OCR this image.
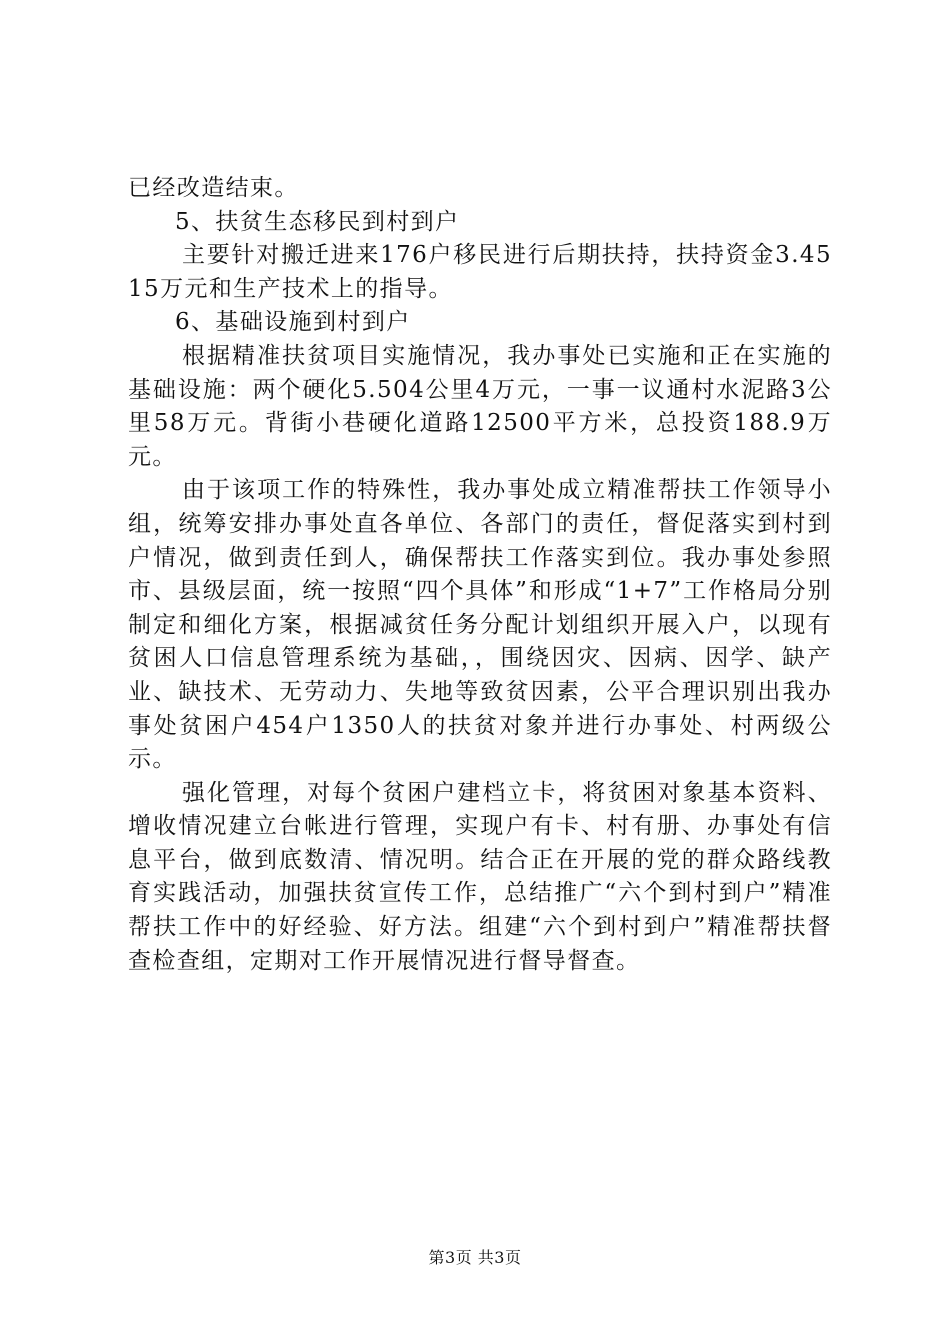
已经改造结束。

5、扶贫生态移民到村到户

主要针对搬迁进来176户移民进行后期扶持，扶持资金3.4515万元和生产技术上的指导。

6、基础设施到村到户

根据精准扶贫项目实施情况，我办事处已实施和正在实施的基础设施：两个硬化5.504公里4万元，一事一议通村水泥路3公里58万元。背街小巷硬化道路12500平方米，总投资188.9万元。

由于该项工作的特殊性，我办事处成立精准帮扶工作领导小组，统筹安排办事处直各单位、各部门的责任，督促落实到村到户情况，做到责任到人，确保帮扶工作落实到位。我办事处参照市、县级层面，统一按照“四个具体”和形成“1+7”工作格局分别制定和细化方案，根据减贫任务分配计划组织开展入户，以现有贫困人口信息管理系统为基础，，围绕因灾、因病、因学、缺产业、缺技术、无劳动力、失地等致贫因素，公平合理识别出我办事处贫困户454户1350人的扶贫对象并进行办事处、村两级公示。

强化管理，对每个贫困户建档立卡，将贫困对象基本资料、增收情况建立台帐进行管理，实现户有卡、村有册、办事处有信息平台，做到底数清、情况明。结合正在开展的党的群众路线教育实践活动，加强扶贫宣传工作，总结推广“六个到村到户”精准帮扶工作中的好经验、好方法。组建“六个到村到户”精准帮扶督查检查组，定期对工作开展情况进行督导督查。

第3页 共3页
